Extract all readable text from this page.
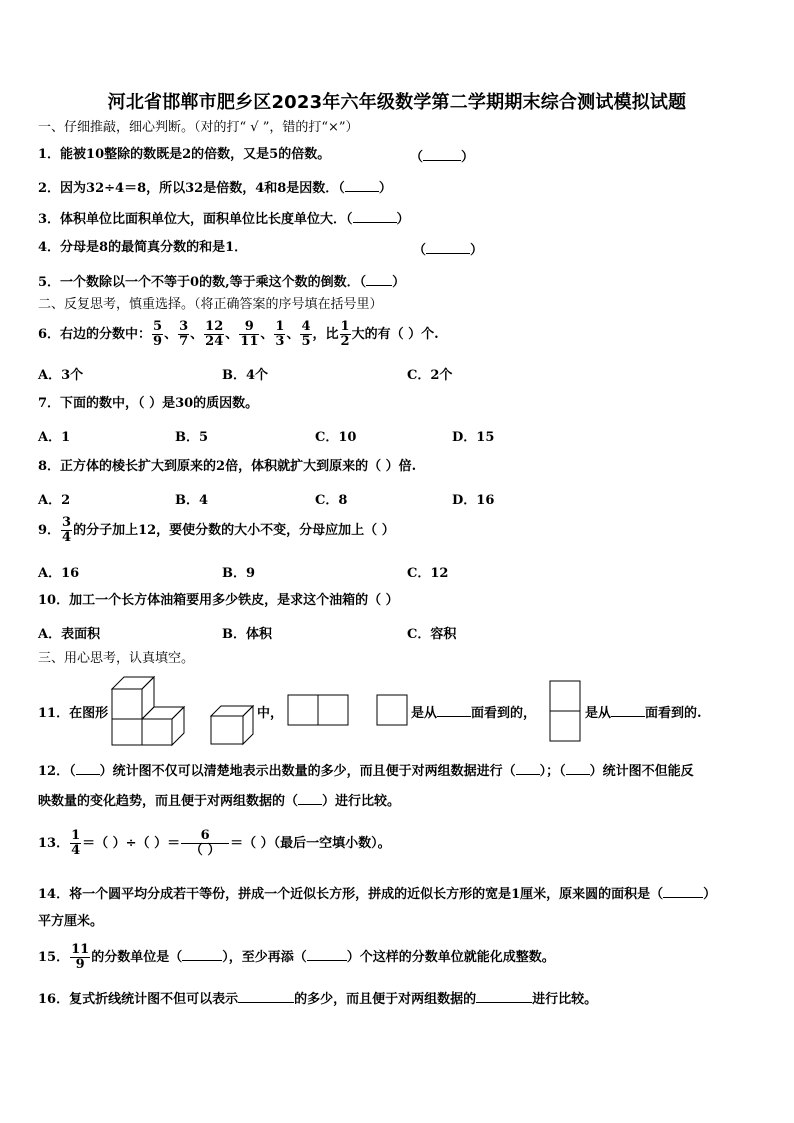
河北省邯郸市肥乡区2023年六年级数学第二学期期末综合测试模拟试题
一、仔细推敲，细心判断。（对的打“ √ ”，错的打“×”）
1．能被10整除的数既是2的倍数，又是5的倍数。	（	）
2．因为32÷4＝8，所以32是倍数，4和8是因数．（	）
3．体积单位比面积单位大，面积单位比长度单位大．（	）
4．分母是8的最简真分数的和是1．	（	）
5．一个数除以一个不等于0的数,等于乘这个数的倒数．（ ）
二、反复思考，慎重选择。（将正确答案的序号填在括号里）
6．右边的分数中： $\frac{5}{9}$ 、 $\frac{3}{7}$ 、 $\frac{12}{24}$ 、 $\frac{9}{11}$ 、 $\frac{1}{3}$ 、 $\frac{4}{5}$ ，比 $\frac{1}{2}$ 大的有（ ）个.
A．3个	B．4个	C．2个
7．下面的数中，（ ）是30的质因数。
A．1	B．5	C．10	D．15
8．正方体的棱长扩大到原来的2倍，体积就扩大到原来的（ ）倍.
A．2	B．4	C．8	D．16
9． $\frac{3}{4}$ 的分子加上12，要使分数的大小不变，分母应加上（ ）
A．16	B．9	C．12
10．加工一个长方体油箱要用多少铁皮，是求这个油箱的（ ）
A．表面积	B．体积	C．容积
三、用心思考，认真填空。
11．在图形	中，	是从	面看到的，	是从	面看到的.
12．（ ）统计图不仅可以清楚地表示出数量的多少，而且便于对两组数据进行（ ）；（ ）统计图不但能反
映数量的变化趋势，而且便于对两组数据的（ ）进行比较。
13． $\frac{1}{4}$ ＝（ ）÷（ ）＝ $\frac{6}{( )}$ ＝（ ）（最后一空填小数）。
14．将一个圆平均分成若干等份，拼成一个近似长方形，拼成的近似长方形的宽是1厘米，原来圆的面积是（	）
平方厘米。
15． $\frac{11}{9}$ 的分数单位是（	），至少再添（	）个这样的分数单位就能化成整数。
16．复式折线统计图不但可以表示	的多少，而且便于对两组数据的	进行比较。
